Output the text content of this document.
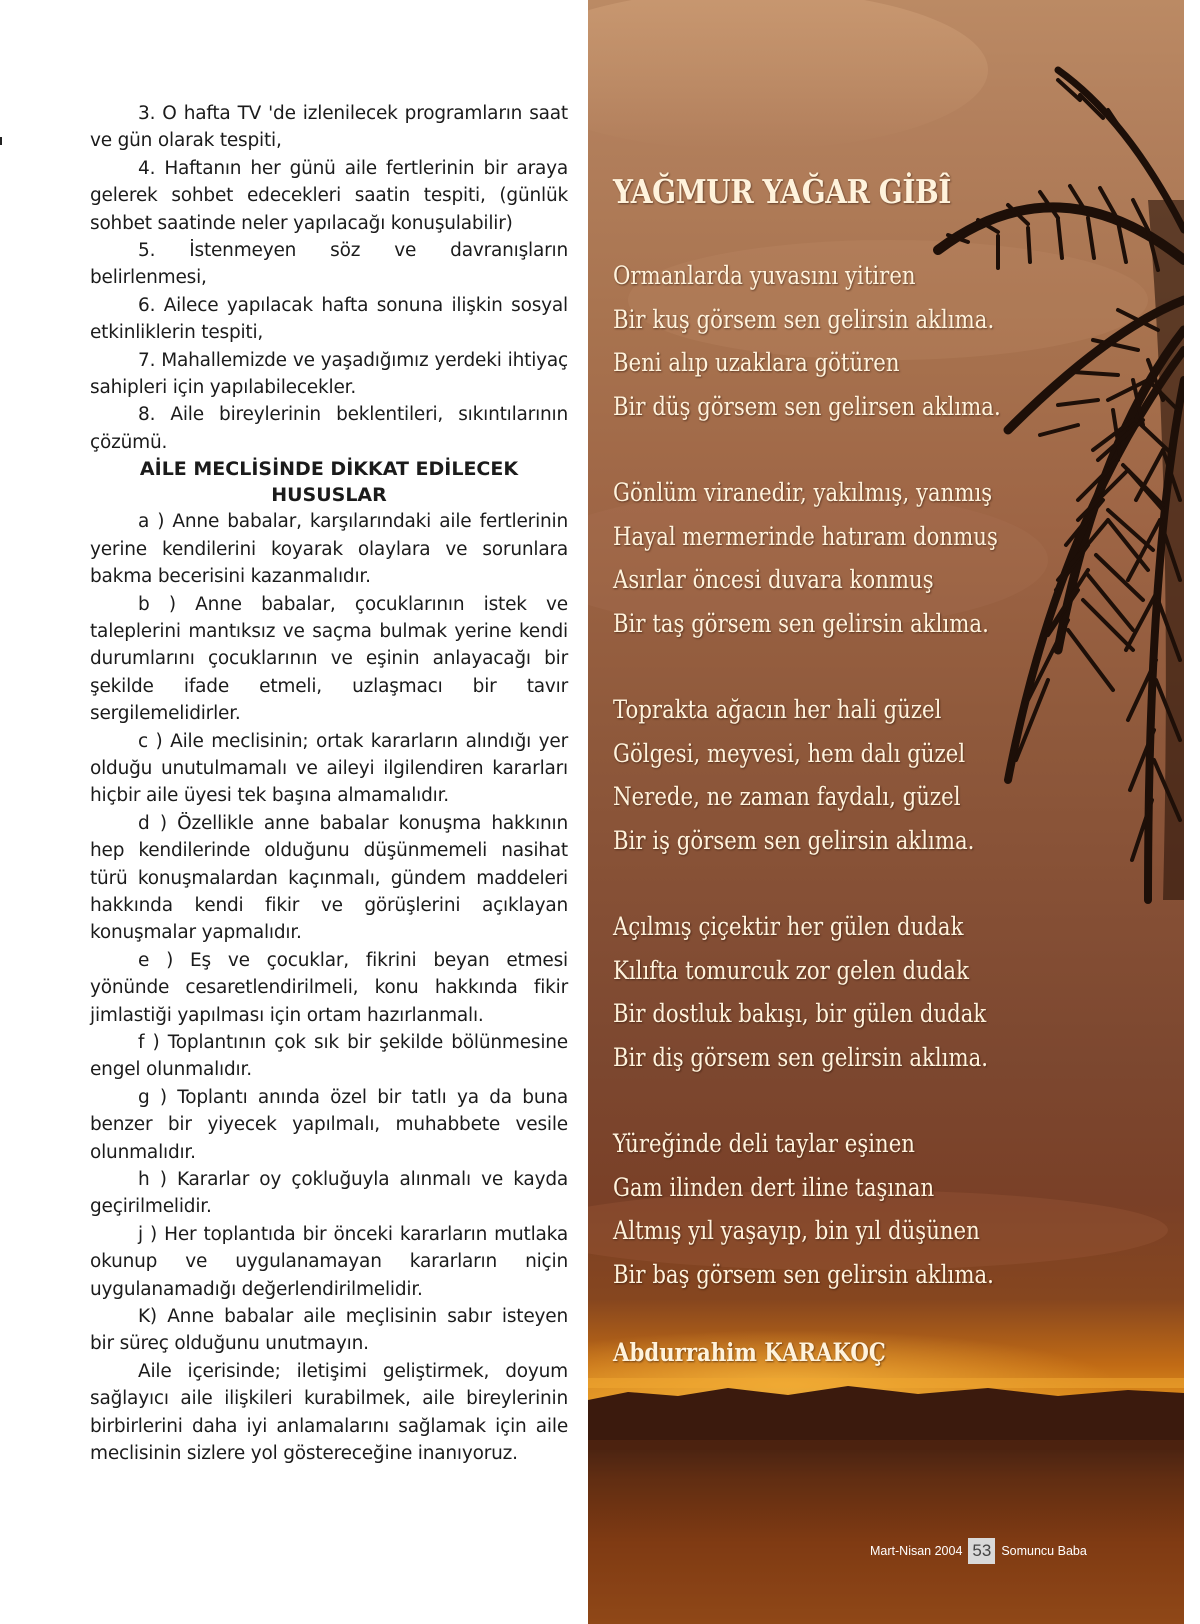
3. O hafta TV 'de izlenilecek programların saat ve gün olarak tespiti,

4. Haftanın her günü aile fertlerinin bir araya gelerek sohbet edecekleri saatin tespiti, (günlük sohbet saatinde neler yapılacağı konuşulabilir)

5. İstenmeyen söz ve davranışların belirlenmesi,

6. Ailece yapılacak hafta sonuna ilişkin sosyal etkinliklerin tespiti,

7. Mahallemizde ve yaşadığımız yerdeki ihtiyaç sahipleri için yapılabilecekler.

8. Aile bireylerinin beklentileri, sıkıntılarının çözümü.

AİLE MECLİSİNDE DİKKAT EDİLECEK HUSUSLAR

a ) Anne babalar, karşılarındaki aile fertlerinin yerine kendilerini koyarak olaylara ve sorunlara bakma becerisini kazanmalıdır.

b ) Anne babalar, çocuklarının istek ve taleplerini mantıksız ve saçma bulmak yerine kendi durumlarını çocuklarının ve eşinin anlayacağı bir şekilde ifade etmeli, uzlaşmacı bir tavır sergilemelidirler.

c ) Aile meclisinin; ortak kararların alındığı yer olduğu unutulmamalı ve aileyi ilgilendiren kararları hiçbir aile üyesi tek başına almamalıdır.

d ) Özellikle anne babalar konuşma hakkının hep kendilerinde olduğunu düşünmemeli nasihat türü konuşmalardan kaçınmalı, gündem maddeleri hakkında kendi fikir ve görüşlerini açıklayan konuşmalar yapmalıdır.

e ) Eş ve çocuklar, fikrini beyan etmesi yönünde cesaretlendirilmeli, konu hakkında fikir jimlastiği yapılması için ortam hazırlanmalı.

f ) Toplantının çok sık bir şekilde bölünmesine engel olunmalıdır.

g ) Toplantı anında özel bir tatlı ya da buna benzer bir yiyecek yapılmalı, muhabbete vesile olunmalıdır.

h ) Kararlar oy çokluğuyla alınmalı ve kayda geçirilmelidir.

j ) Her toplantıda bir önceki kararların mutlaka okunup ve uygulanamayan kararların niçin uygulanamadığı değerlendirilmelidir.

K) Anne babalar aile meçlisinin sabır isteyen bir süreç olduğunu unutmayın.

Aile içerisinde; iletişimi geliştirmek, doyum sağlayıcı aile ilişkileri kurabilmek, aile bireylerinin birbirlerini daha iyi anlamalarını sağlamak için aile meclisinin sizlere yol göstereceğine inanıyoruz.

YAĞMUR YAĞAR GİBÎ
Ormanlarda yuvasını yitiren
Bir kuş görsem sen gelirsin aklıma.
Beni alıp uzaklara götüren
Bir düş görsem sen gelirsen aklıma.
Gönlüm viranedir, yakılmış, yanmış
Hayal mermerinde hatıram donmuş
Asırlar öncesi duvara konmuş
Bir taş görsem sen gelirsin aklıma.
Toprakta ağacın her hali güzel
Gölgesi, meyvesi, hem dalı güzel
Nerede, ne zaman faydalı, güzel
Bir iş görsem sen gelirsin aklıma.
Açılmış çiçektir her gülen dudak
Kılıfta tomurcuk zor gelen dudak
Bir dostluk bakışı, bir gülen dudak
Bir diş görsem sen gelirsin aklıma.
Yüreğinde deli taylar eşinen
Gam ilinden dert iline taşınan
Altmış yıl yaşayıp, bin yıl düşünen
Bir baş görsem sen gelirsin aklıma.
Abdurrahim KARAKOÇ
Mart-Nisan 2004 53 Somuncu Baba
